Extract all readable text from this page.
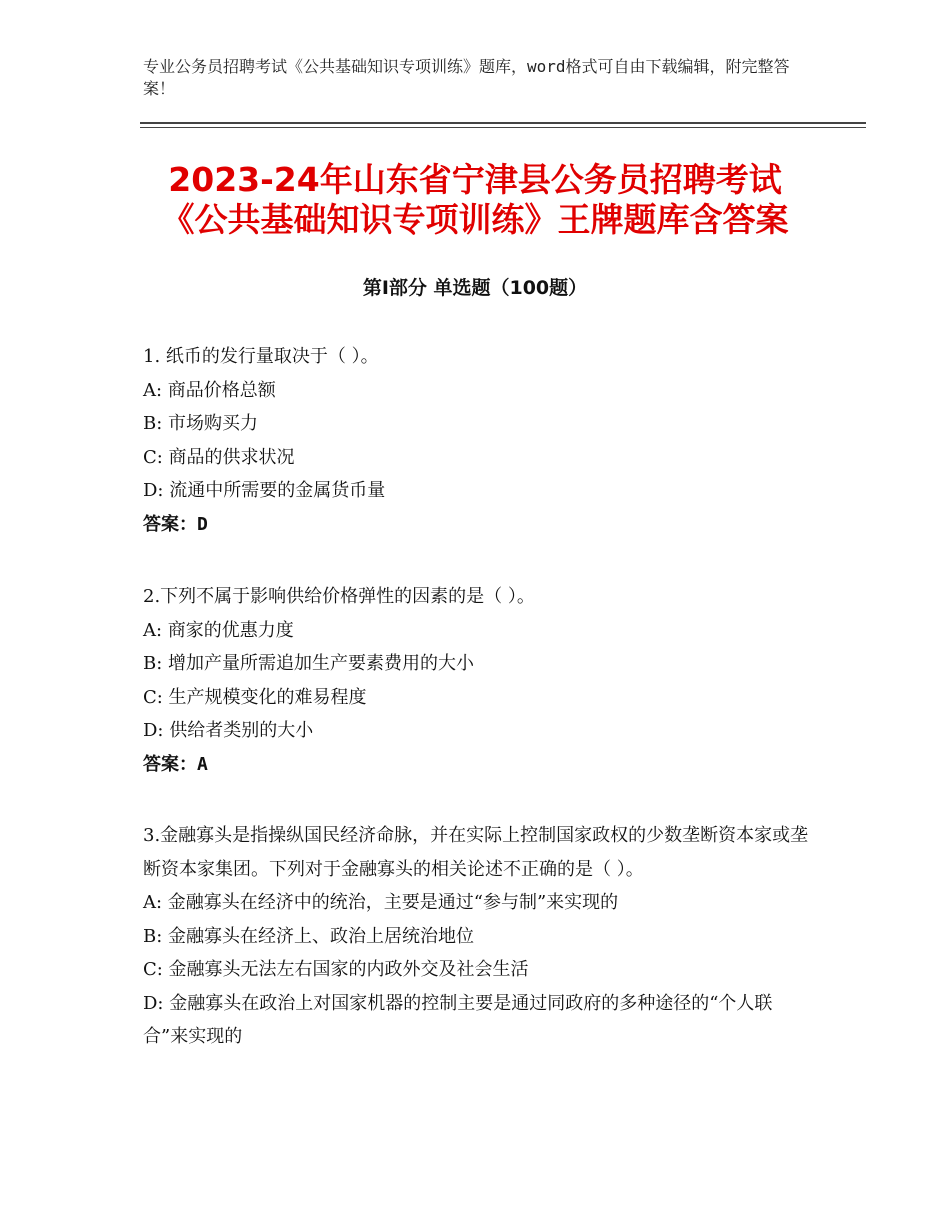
专业公务员招聘考试《公共基础知识专项训练》题库，word格式可自由下载编辑，附完整答案！
2023-24年山东省宁津县公务员招聘考试
《公共基础知识专项训练》王牌题库含答案
第Ⅰ部分 单选题（100题）
1. 纸币的发行量取决于（ ）。
A: 商品价格总额
B: 市场购买力
C: 商品的供求状况
D: 流通中所需要的金属货币量
答案：D
2.下列不属于影响供给价格弹性的因素的是（ ）。
A: 商家的优惠力度
B: 增加产量所需追加生产要素费用的大小
C: 生产规模变化的难易程度
D: 供给者类别的大小
答案：A
3.金融寡头是指操纵国民经济命脉，并在实际上控制国家政权的少数垄断资本家或垄断资本家集团。下列对于金融寡头的相关论述不正确的是（ ）。
A: 金融寡头在经济中的统治，主要是通过“参与制”来实现的
B: 金融寡头在经济上、政治上居统治地位
C: 金融寡头无法左右国家的内政外交及社会生活
D: 金融寡头在政治上对国家机器的控制主要是通过同政府的多种途径的“个人联合”来实现的
